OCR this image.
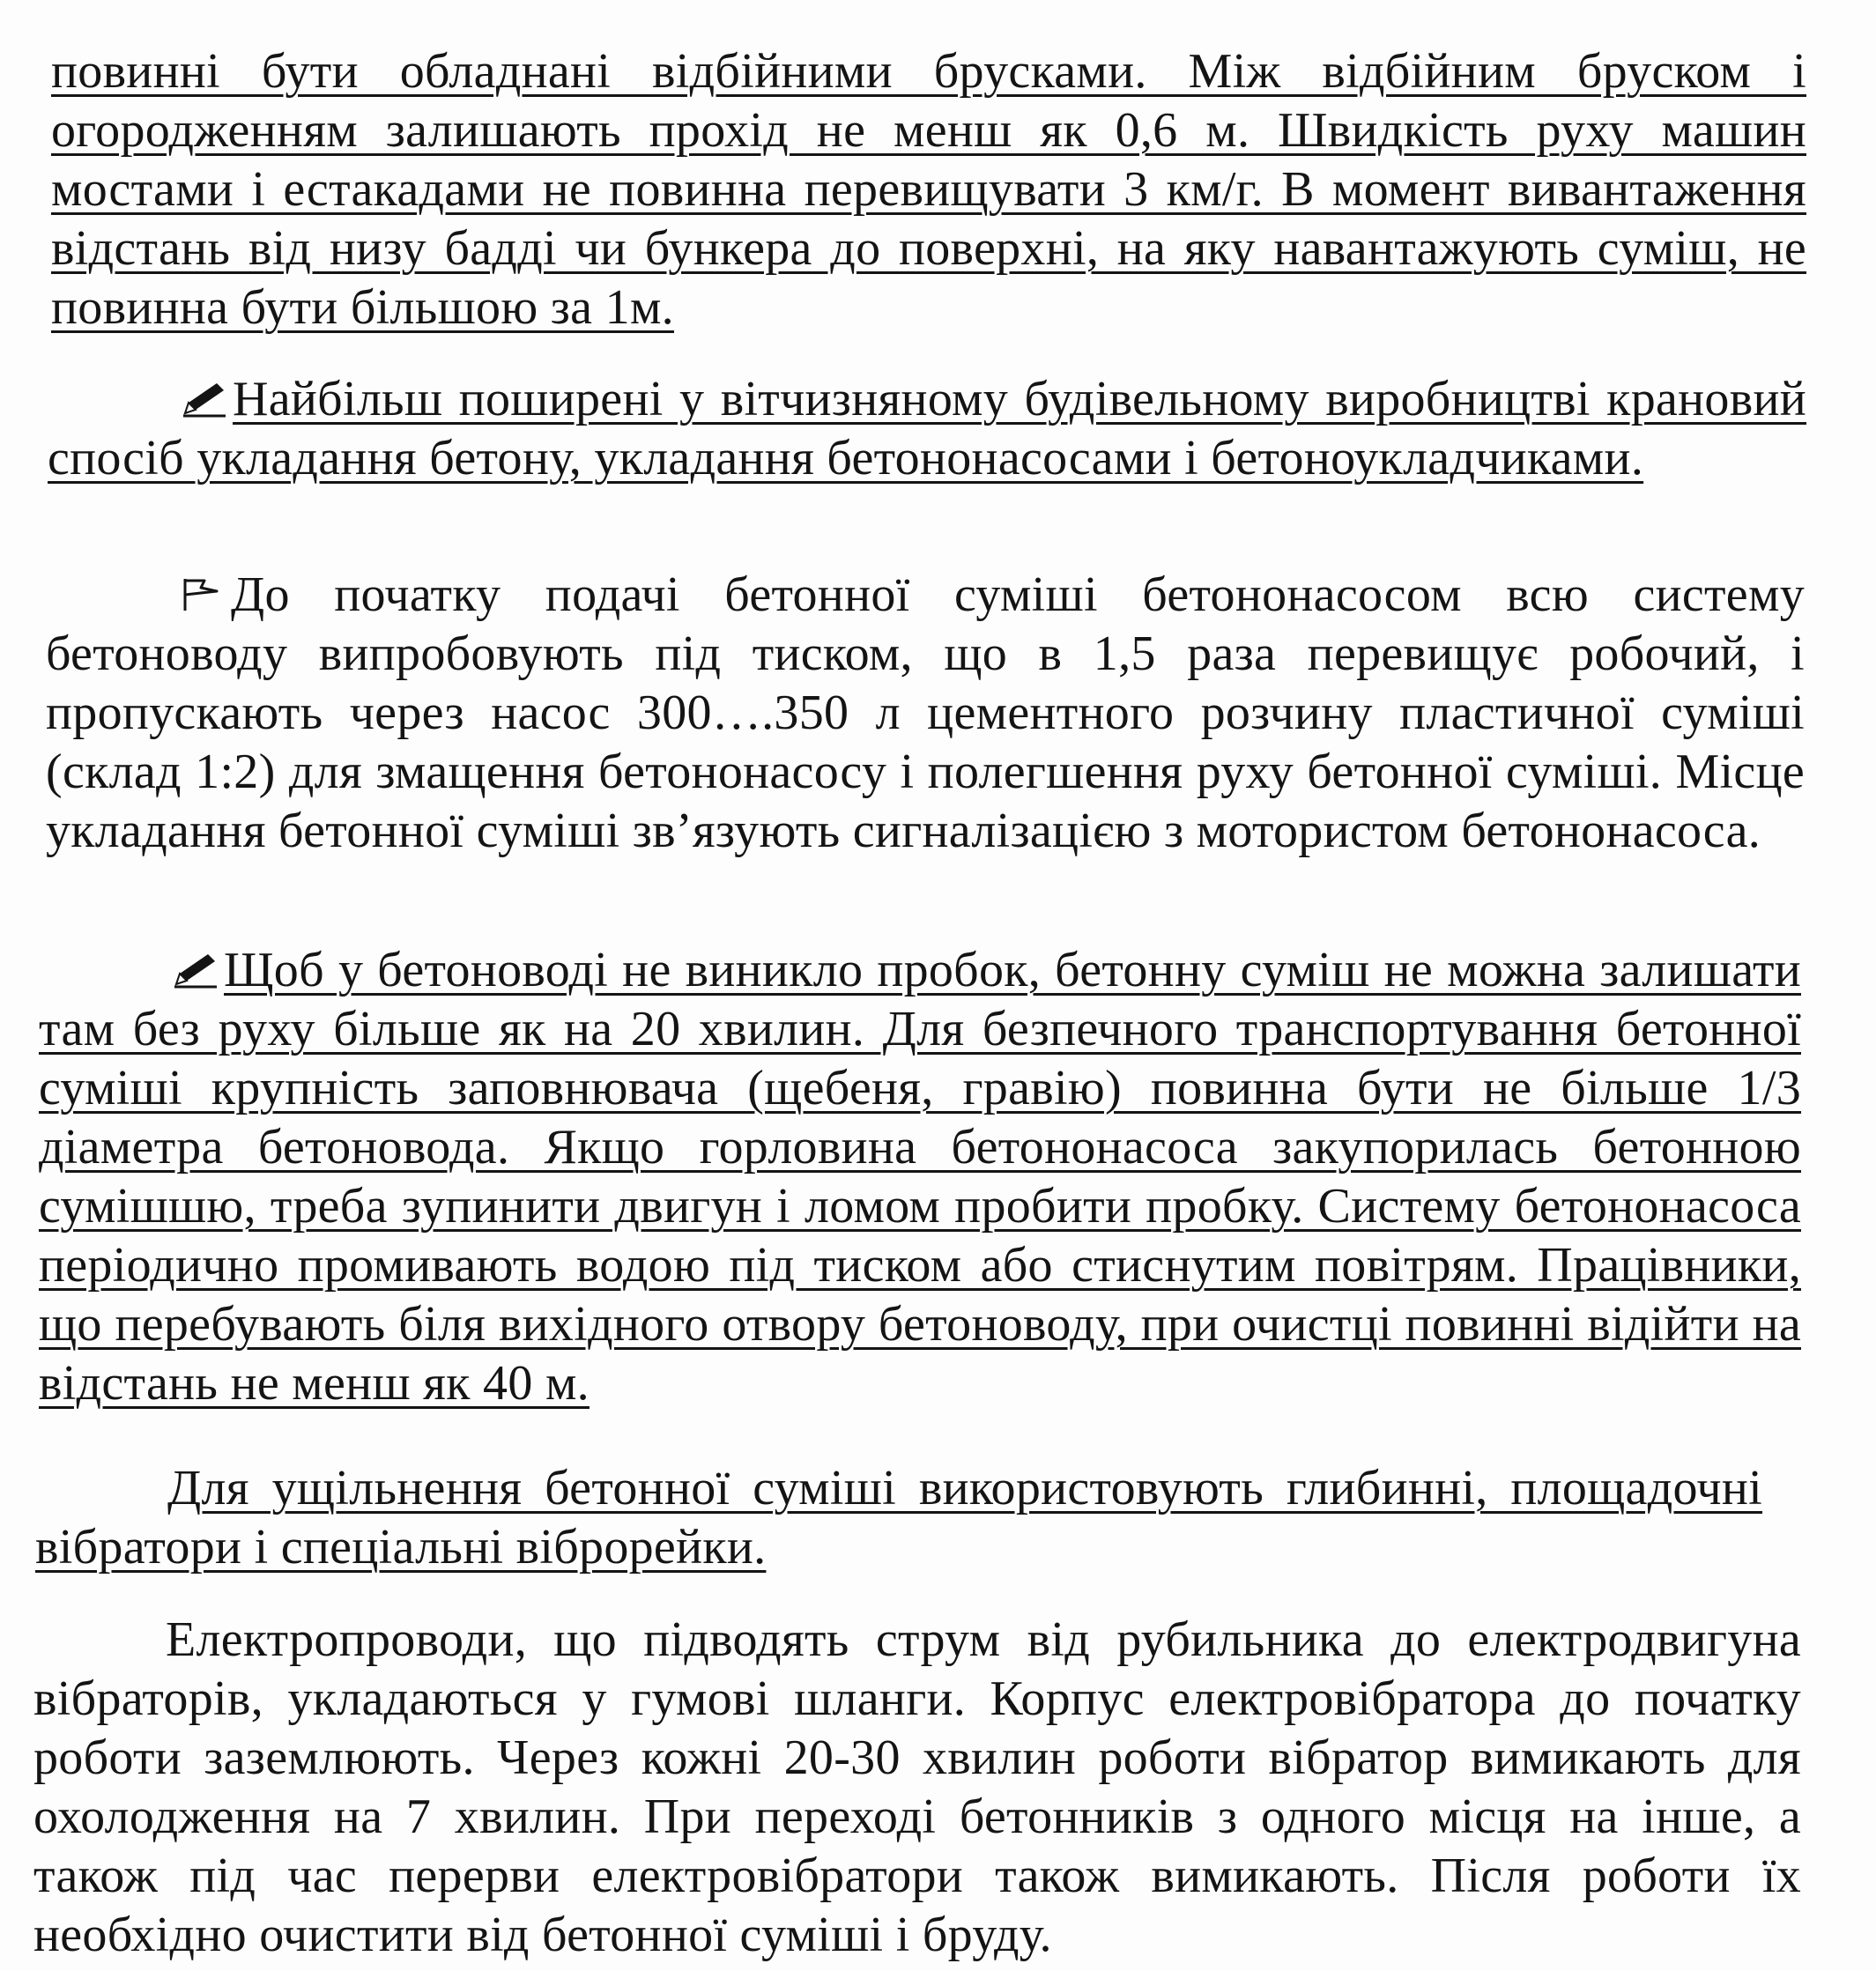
повинні бути обладнані відбійними брусками. Між відбійним бруском і огородженням залишають прохід не менш як 0,6 м. Швидкість руху машин мостами і естакадами не повинна перевищувати 3 км/г. В момент вивантаження відстань від низу бадді чи бункера до поверхні, на яку навантажують суміш, не повинна бути більшою за 1м.

Найбільш поширені у вітчизняному будівельному виробництві крановий спосіб укладання бетону, укладання бетононасосами і бетоноукладчиками.

До початку подачі бетонної суміші бетононасосом всю систему бетоноводу випробовують під тиском, що в 1,5 раза перевищує робочий, і пропускають через насос 300….350 л цементного розчину пластичної суміші (склад 1:2) для змащення бетононасосу і полегшення руху бетонної суміші. Місце укладання бетонної суміші зв’язують сигналізацією з мотористом бетононасоса.

Щоб у бетоноводі не виникло пробок, бетонну суміш не можна залишати там без руху більше як на 20 хвилин. Для безпечного транспортування бетонної суміші крупність заповнювача (щебеня, гравію) повинна бути не більше 1/3 діаметра бетоновода. Якщо горловина бетононасоса закупорилась бетонною сумішшю, треба зупинити двигун і ломом пробити пробку. Систему бетононасоса періодично промивають водою під тиском або стиснутим повітрям. Працівники, що перебувають біля вихідного отвору бетоноводу, при очистці повинні відійти на відстань не менш як 40 м.

Для ущільнення бетонної суміші використовують глибинні, площадочні вібратори і спеціальні віброрейки.

Електропроводи, що підводять струм від рубильника до електродвигуна вібраторів, укладаються у гумові шланги. Корпус електровібратора до початку роботи заземлюють. Через кожні 20-30 хвилин роботи вібратор вимикають для охолодження на 7 хвилин. При переході бетонників з одного місця на інше, а також під час перерви електровібратори також вимикають. Після роботи їх необхідно очистити від бетонної суміші і бруду.
